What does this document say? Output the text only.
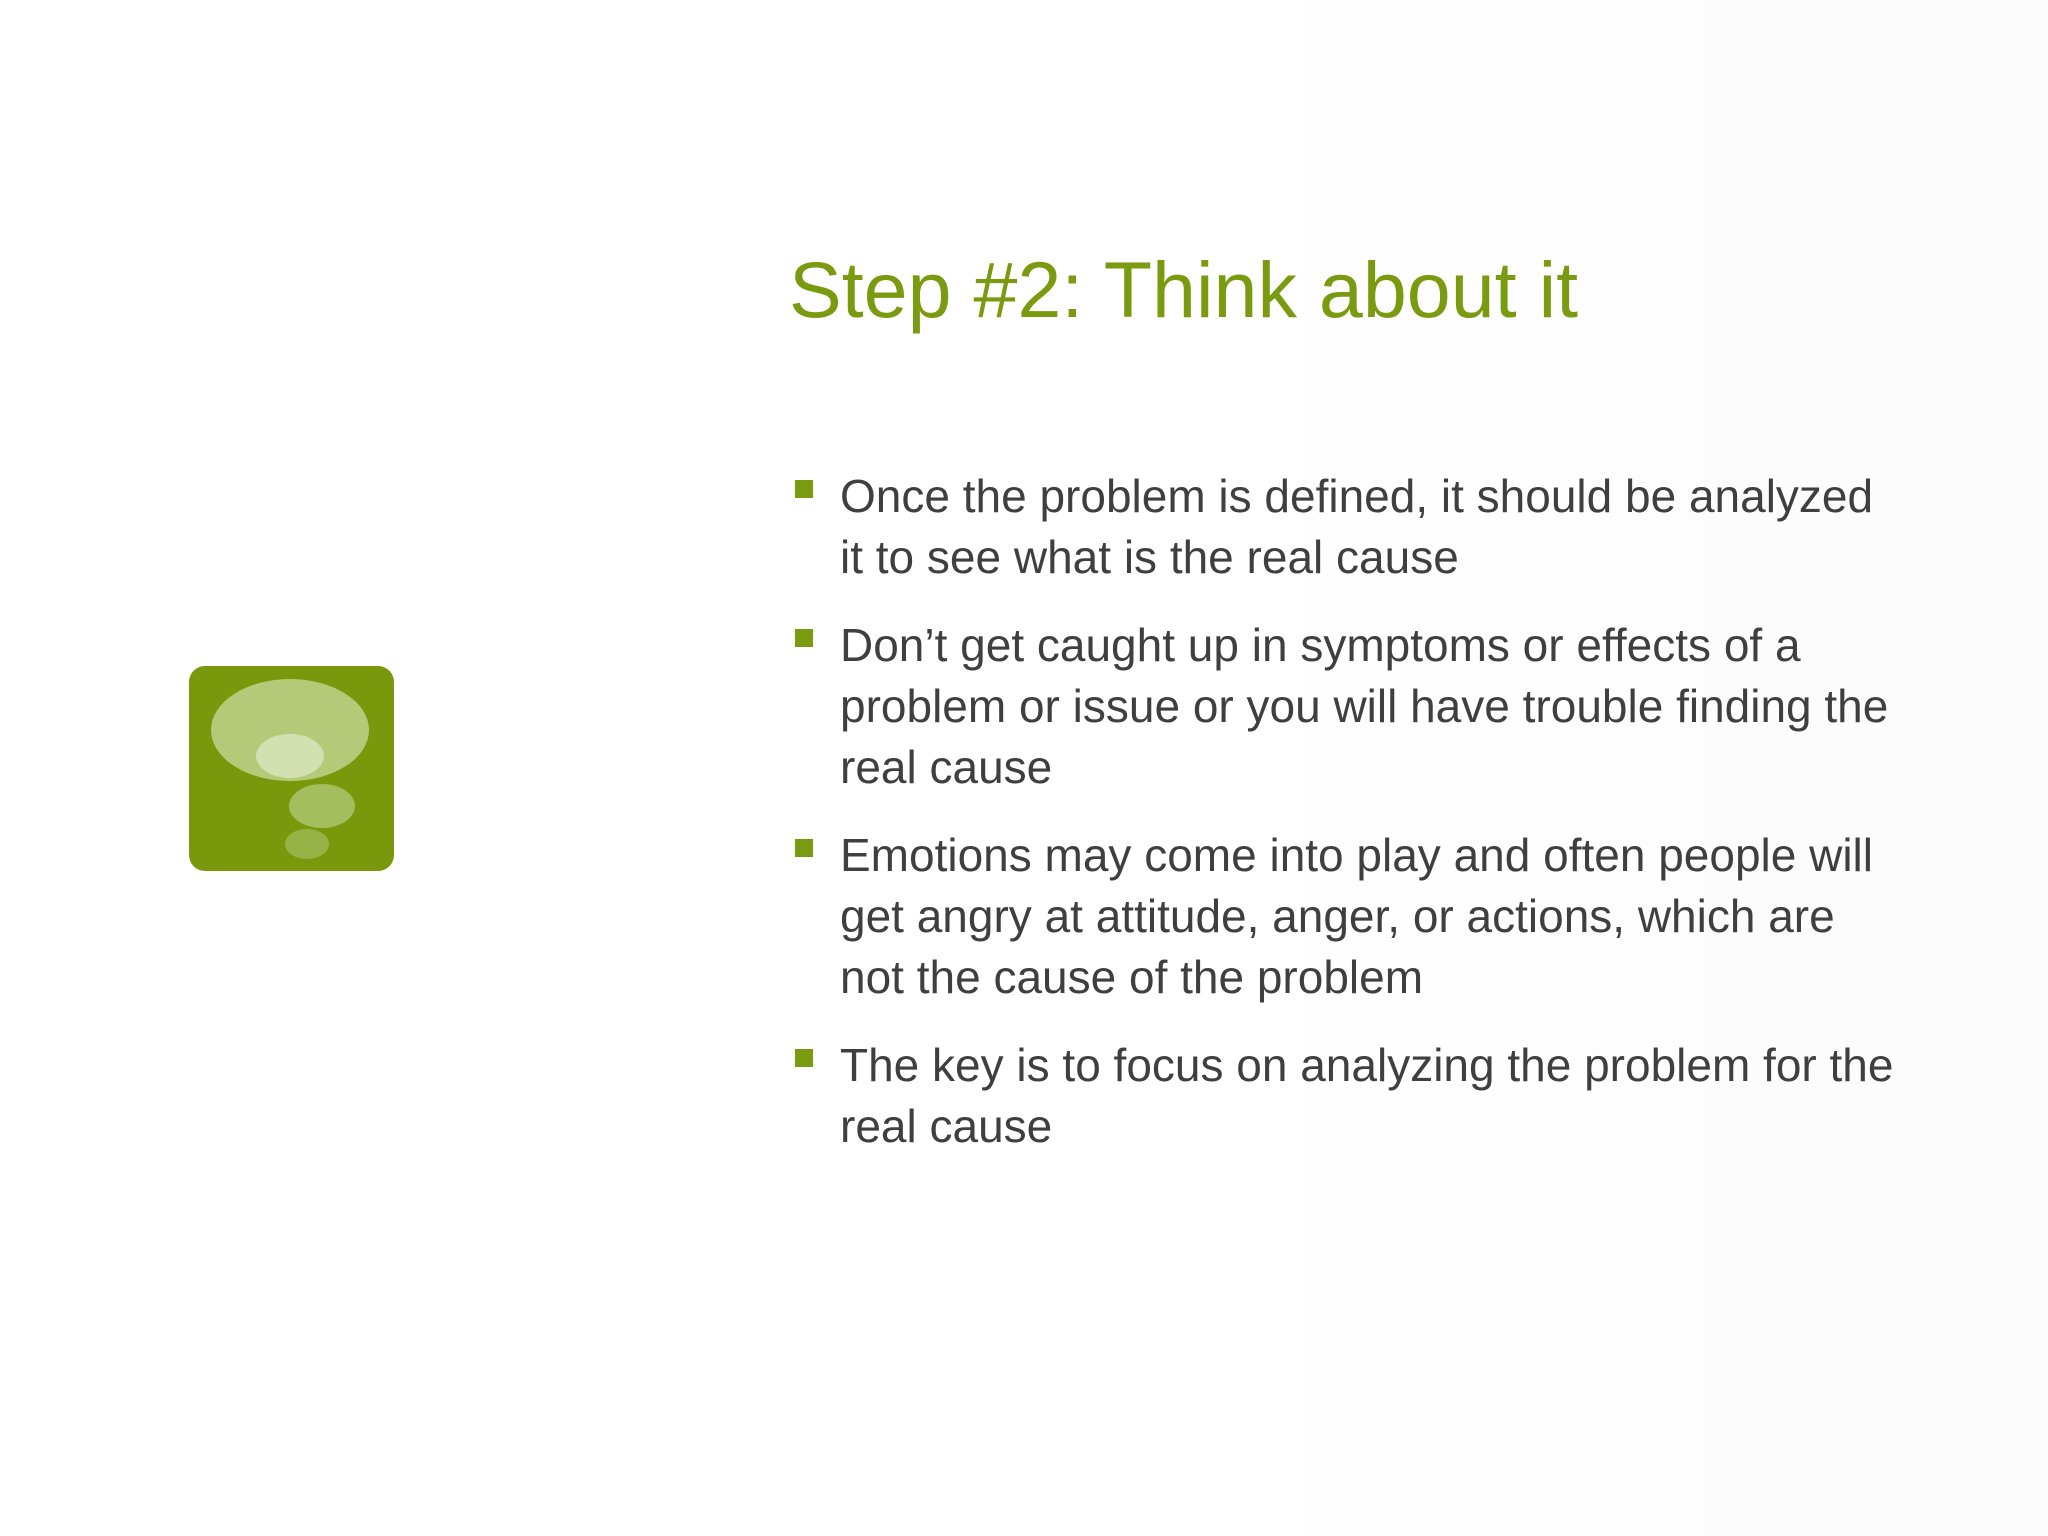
Step #2: Think about it
Once the problem is defined, it should be analyzed it to see what is the real cause
Don’t get caught up in symptoms or effects of a problem or issue or you will have trouble finding the real cause
Emotions may come into play and often people will get angry at attitude, anger, or actions, which are not the cause of the problem
The key is to focus on analyzing the problem for the real cause
